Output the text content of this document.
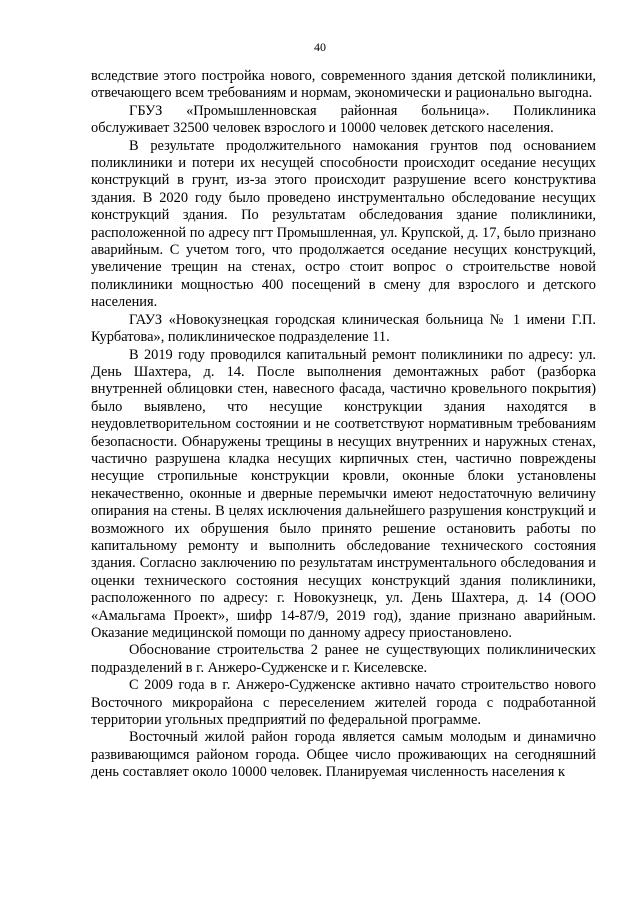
40

вследствие этого постройка нового, современного здания детской поликлиники, отвечающего всем требованиям и нормам, экономически и рационально выгодна.

ГБУЗ «Промышленновская районная больница». Поликлиника обслуживает 32500 человек взрослого и 10000 человек детского населения.

В результате продолжительного намокания грунтов под основанием поликлиники и потери их несущей способности происходит оседание несущих конструкций в грунт, из-за этого происходит разрушение всего конструктива здания. В 2020 году было проведено инструментально обследование несущих конструкций здания. По результатам обследования здание поликлиники, расположенной по адресу пгт Промышленная, ул. Крупской, д. 17, было признано аварийным. С учетом того, что продолжается оседание несущих конструкций, увеличение трещин на стенах, остро стоит вопрос о строительстве новой поликлиники мощностью 400 посещений в смену для взрослого и детского населения.

ГАУЗ «Новокузнецкая городская клиническая больница № 1 имени Г.П. Курбатова», поликлиническое подразделение 11.

В 2019 году проводился капитальный ремонт поликлиники по адресу: ул. День Шахтера, д. 14. После выполнения демонтажных работ (разборка внутренней облицовки стен, навесного фасада, частично кровельного покрытия) было выявлено, что несущие конструкции здания находятся в неудовлетворительном состоянии и не соответствуют нормативным требованиям безопасности. Обнаружены трещины в несущих внутренних и наружных стенах, частично разрушена кладка несущих кирпичных стен, частично повреждены несущие стропильные конструкции кровли, оконные блоки установлены некачественно, оконные и дверные перемычки имеют недостаточную величину опирания на стены. В целях исключения дальнейшего разрушения конструкций и возможного их обрушения было принято решение остановить работы по капитальному ремонту и выполнить обследование технического состояния здания. Согласно заключению по результатам инструментального обследования и оценки технического состояния несущих конструкций здания поликлиники, расположенного по адресу: г. Новокузнецк, ул. День Шахтера, д. 14 (ООО «Амальгама Проект», шифр 14-87/9, 2019 год), здание признано аварийным. Оказание медицинской помощи по данному адресу приостановлено.

Обоснование строительства 2 ранее не существующих поликлинических подразделений в г. Анжеро-Судженске и г. Киселевске.

С 2009 года в г. Анжеро-Судженске активно начато строительство нового Восточного микрорайона с переселением жителей города с подработанной территории угольных предприятий по федеральной программе.

Восточный жилой район города является самым молодым и динамично развивающимся районом города. Общее число проживающих на сегодняшний день составляет около 10000 человек. Планируемая численность населения к
